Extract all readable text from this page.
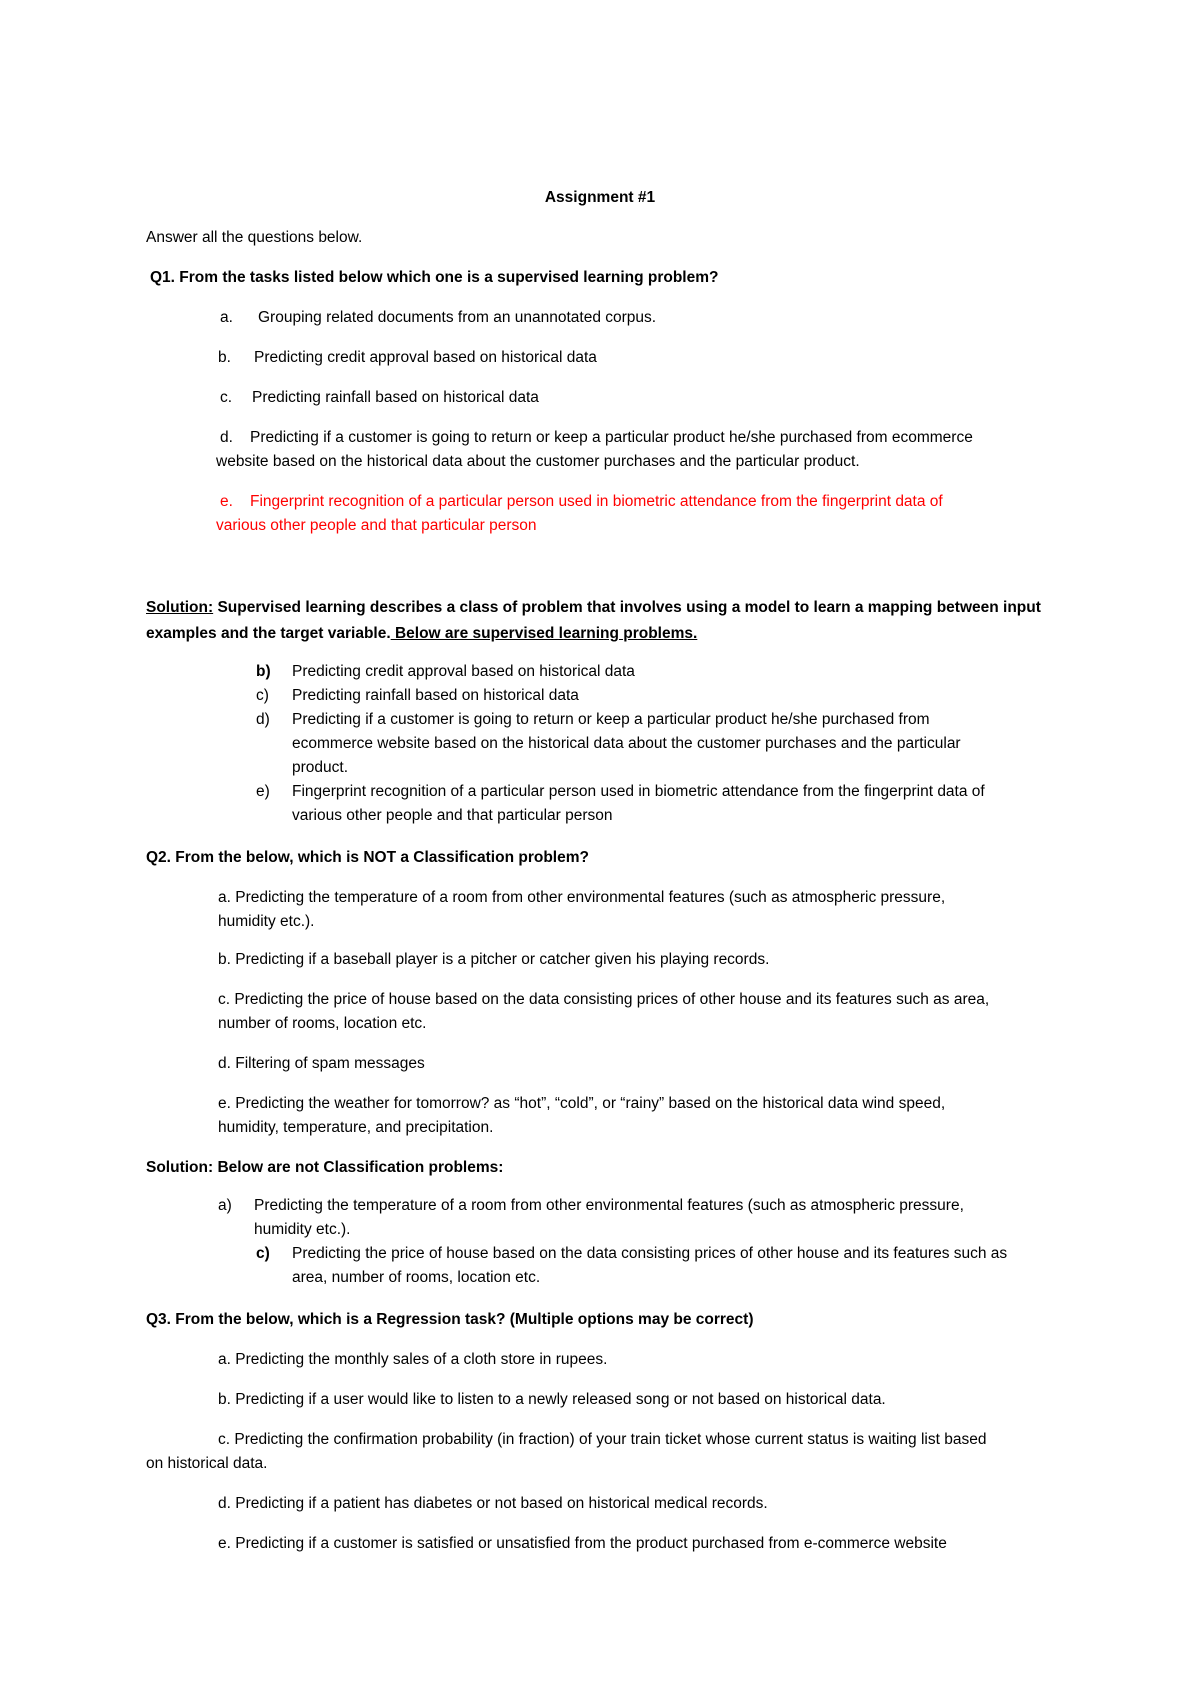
Assignment #1
Answer all the questions below.
Q1. From the tasks listed below which one is a supervised learning problem?
a. Grouping related documents from an unannotated corpus.
b. Predicting credit approval based on historical data
c. Predicting rainfall based on historical data
d. Predicting if a customer is going to return or keep a particular product he/she purchased from ecommerce
website based on the historical data about the customer purchases and the particular product.
e. Fingerprint recognition of a particular person used in biometric attendance from the fingerprint data of
various other people and that particular person
Solution: Supervised learning describes a class of problem that involves using a model to learn a mapping between input
examples and the target variable. Below are supervised learning problems.
b) Predicting credit approval based on historical data
c) Predicting rainfall based on historical data
d) Predicting if a customer is going to return or keep a particular product he/she purchased from
ecommerce website based on the historical data about the customer purchases and the particular
product.
e) Fingerprint recognition of a particular person used in biometric attendance from the fingerprint data of
various other people and that particular person
Q2. From the below, which is NOT a Classification problem?
a. Predicting the temperature of a room from other environmental features (such as atmospheric pressure,
humidity etc.).
b. Predicting if a baseball player is a pitcher or catcher given his playing records.
c. Predicting the price of house based on the data consisting prices of other house and its features such as area,
number of rooms, location etc.
d. Filtering of spam messages
e. Predicting the weather for tomorrow? as “hot”, “cold”, or “rainy” based on the historical data wind speed,
humidity, temperature, and precipitation.
Solution: Below are not Classification problems:
a) Predicting the temperature of a room from other environmental features (such as atmospheric pressure,
humidity etc.).
c) Predicting the price of house based on the data consisting prices of other house and its features such as
area, number of rooms, location etc.
Q3. From the below, which is a Regression task? (Multiple options may be correct)
a. Predicting the monthly sales of a cloth store in rupees.
b. Predicting if a user would like to listen to a newly released song or not based on historical data.
c. Predicting the confirmation probability (in fraction) of your train ticket whose current status is waiting list based
on historical data.
d. Predicting if a patient has diabetes or not based on historical medical records.
e. Predicting if a customer is satisfied or unsatisfied from the product purchased from e-commerce website
